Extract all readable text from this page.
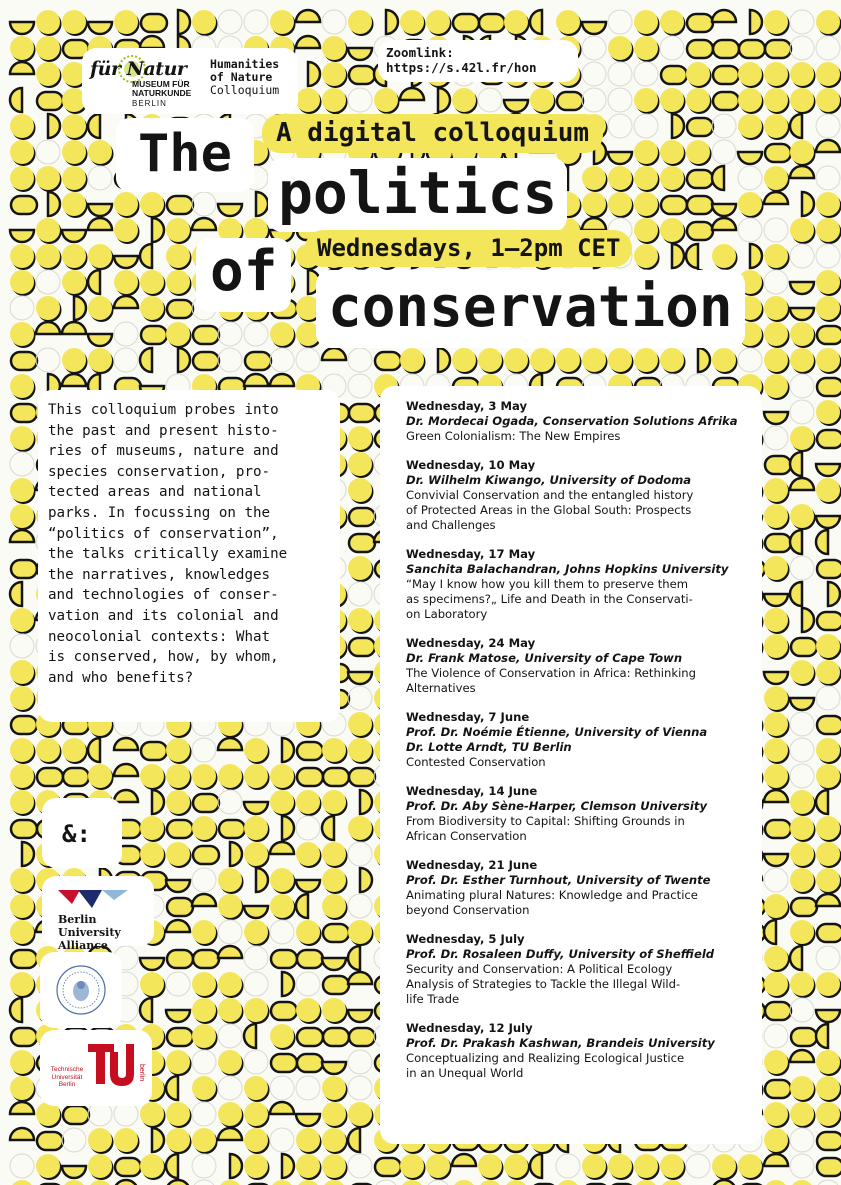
für Natur
MUSEUM FÜR NATURKUNDE
BERLIN
Humanities
of Nature
Colloquium
Zoomlink:
https://s.42l.fr/hon
The	A digital colloquium
politics
of	Wednesdays, 1–2pm CET
conservation
This colloquium probes into
the past and present histo-
ries of museums, nature and
species conservation, pro-
tected areas and national
parks. In focussing on the
“politics of conservation”,
the talks critically examine
the narratives, knowledges
and technologies of conser-
vation and its colonial and
neocolonial contexts: What
is conserved, how, by whom,
and who benefits?
Wednesday, 3 May
Dr. Mordecai Ogada, Conservation Solutions Afrika
Green Colonialism: The New Empires
Wednesday, 10 May
Dr. Wilhelm Kiwango, University of Dodoma
Convivial Conservation and the entangled history
of Protected Areas in the Global South: Prospects
and Challenges
Wednesday, 17 May
Sanchita Balachandran, Johns Hopkins University
“May I know how you kill them to preserve them
as specimens?„ Life and Death in the Conservati-
on Laboratory
Wednesday, 24 May
Dr. Frank Matose, University of Cape Town
The Violence of Conservation in Africa: Rethinking
Alternatives
Wednesday, 7 June
Prof. Dr. Noémie Étienne, University of Vienna
Dr. Lotte Arndt, TU Berlin
Contested Conservation
Wednesday, 14 June
Prof. Dr. Aby Sène-Harper, Clemson University
From Biodiversity to Capital: Shifting Grounds in
African Conservation
Wednesday, 21 June
Prof. Dr. Esther Turnhout, University of Twente
Animating plural Natures: Knowledge and Practice
beyond Conservation
Wednesday, 5 July
Prof. Dr. Rosaleen Duffy, University of Sheffield
Security and Conservation: A Political Ecology
Analysis of Strategies to Tackle the Illegal Wild-
life Trade
Wednesday, 12 July
Prof. Dr. Prakash Kashwan, Brandeis University
Conceptualizing and Realizing Ecological Justice
in an Unequal World
&:
Berlin University
Alliance
Technische Universität Berlin
berlin
